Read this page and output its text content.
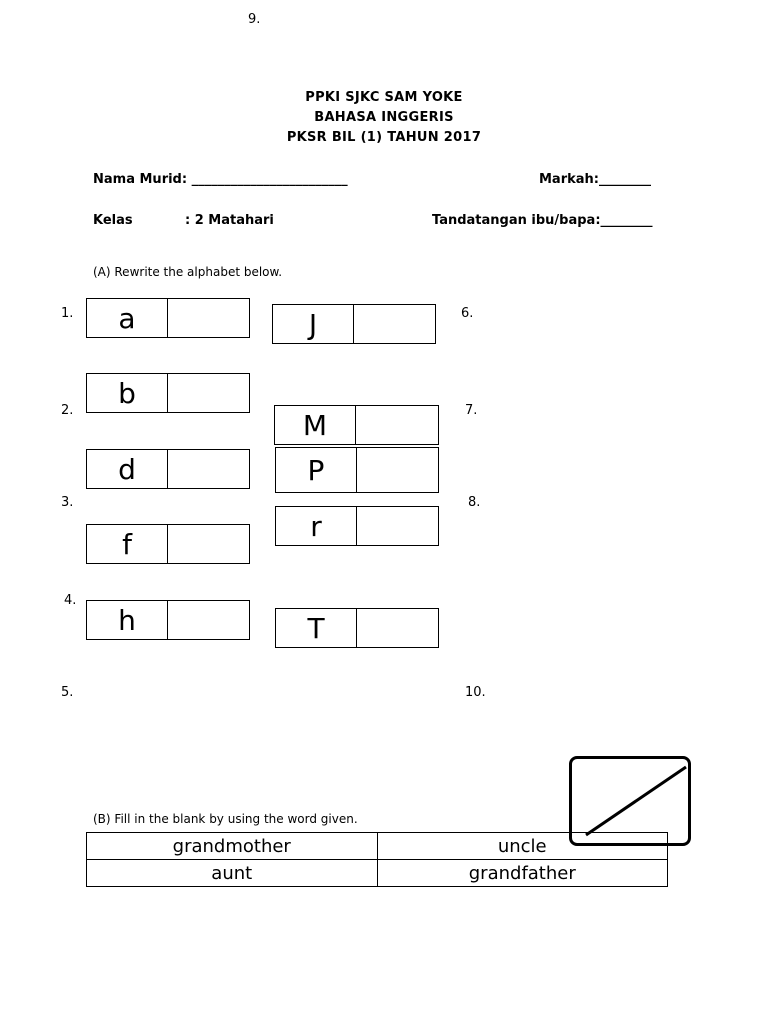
9.
PPKI SJKC SAM YOKE
BAHASA INGGERIS
PKSR BIL (1) TAHUN 2017
Nama Murid: ________________________	Markah:________
Kelas	: 2 Matahari	Tandatangan ibu/bapa:________
(A) Rewrite the alphabet below.
1.
2.
3.
4.
5.
6.
7.
8.
10.
a
b
d
f
h
J
M
P
r
T
(B) Fill in the blank by using the word given.
grandmother	uncle
aunt	grandfather
